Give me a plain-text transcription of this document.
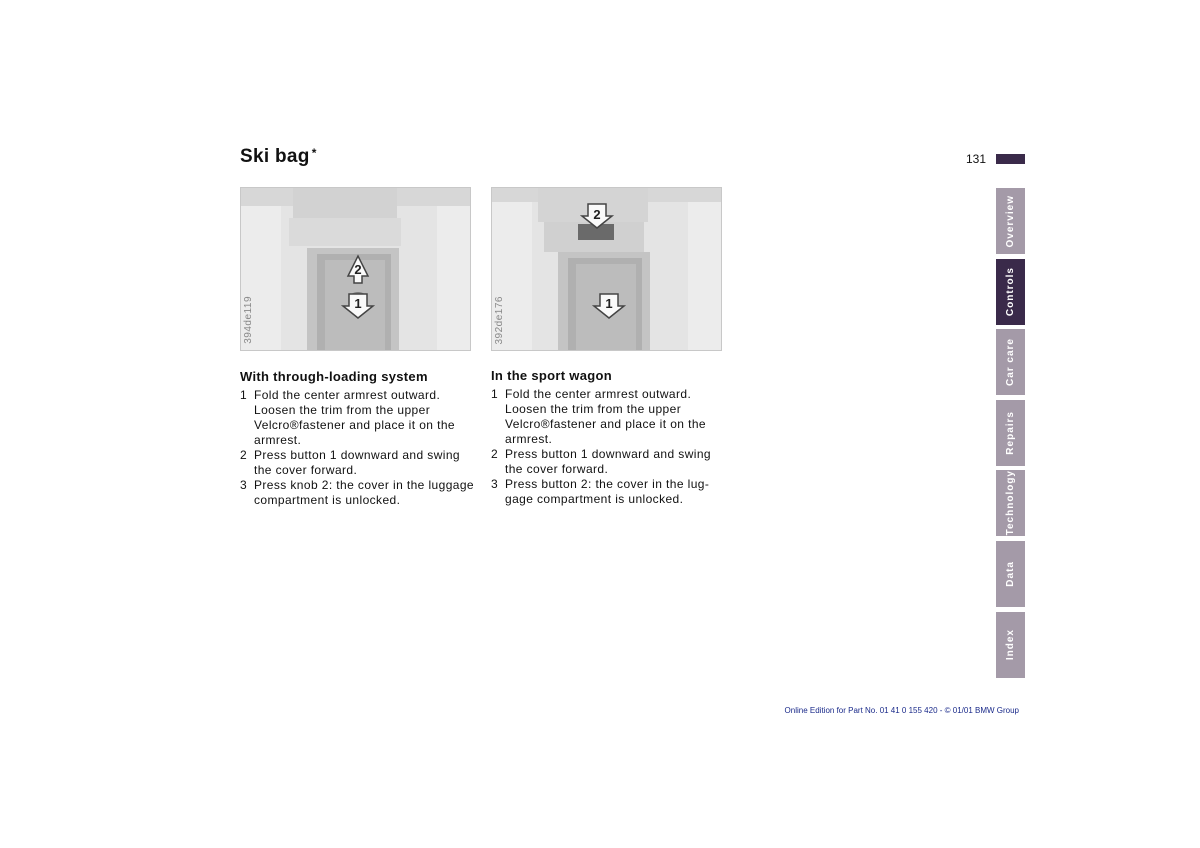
Ski bag *	131
2
1
394de119
2
1
392de176
With through-loading system
1 Fold the center armrest outward. Loosen the trim from the upper Velcro®fastener and place it on the armrest.
2 Press button 1 downward and swing the cover forward.
3 Press knob 2: the cover in the luggage compartment is unlocked.
In the sport wagon
1 Fold the center armrest outward. Loosen the trim from the upper Velcro®fastener and place it on the armrest.
2 Press button 1 downward and swing the cover forward.
3 Press button 2: the cover in the lug-gage compartment is unlocked.
Overview
Controls
Car care
Repairs
Technology
Data
Index
Online Edition for Part No. 01 41 0 155 420 - © 01/01 BMW Group
